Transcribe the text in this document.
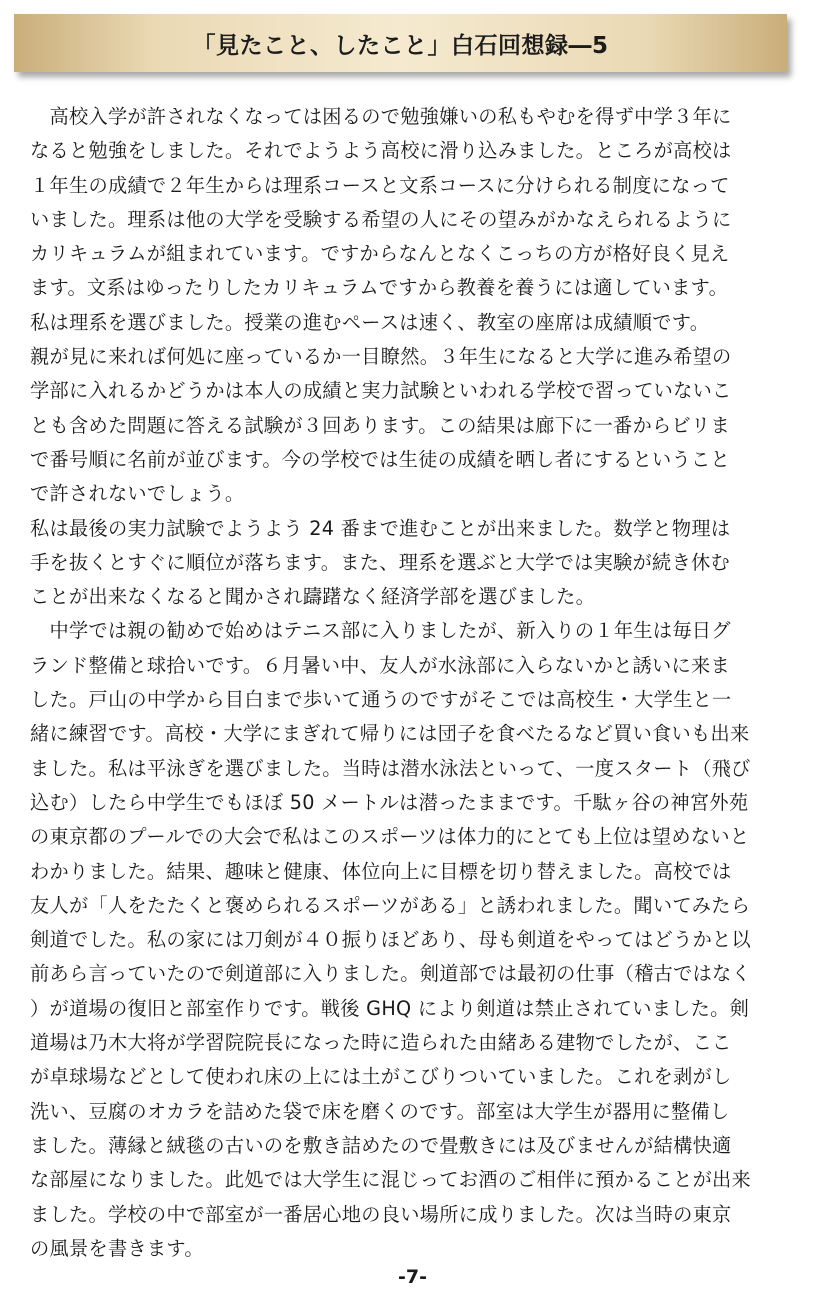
「見たこと、したこと」白石回想録―5
　高校入学が許されなくなっては困るので勉強嫌いの私もやむを得ず中学３年に
なると勉強をしました。それでようよう高校に滑り込みました。ところが高校は
１年生の成績で２年生からは理系コースと文系コースに分けられる制度になって
いました。理系は他の大学を受験する希望の人にその望みがかなえられるように
カリキュラムが組まれています。ですからなんとなくこっちの方が格好良く見え
ます。文系はゆったりしたカリキュラムですから教養を養うには適しています。
私は理系を選びました。授業の進むペースは速く、教室の座席は成績順です。
親が見に来れば何処に座っているか一目瞭然。３年生になると大学に進み希望の
学部に入れるかどうかは本人の成績と実力試験といわれる学校で習っていないこ
とも含めた問題に答える試験が３回あります。この結果は廊下に一番からビリま
で番号順に名前が並びます。今の学校では生徒の成績を晒し者にするということ
で許されないでしょう。
私は最後の実力試験でようよう 24 番まで進むことが出来ました。数学と物理は
手を抜くとすぐに順位が落ちます。また、理系を選ぶと大学では実験が続き休む
ことが出来なくなると聞かされ躊躇なく経済学部を選びました。
　中学では親の勧めで始めはテニス部に入りましたが、新入りの１年生は毎日グ
ランド整備と球拾いです。６月暑い中、友人が水泳部に入らないかと誘いに来ま
した。戸山の中学から目白まで歩いて通うのですがそこでは高校生・大学生と一
緒に練習です。高校・大学にまぎれて帰りには団子を食べたるなど買い食いも出来
ました。私は平泳ぎを選びました。当時は潜水泳法といって、一度スタート（飛び
込む）したら中学生でもほぼ 50 メートルは潜ったままです。千駄ヶ谷の神宮外苑
の東京都のプールでの大会で私はこのスポーツは体力的にとても上位は望めないと
わかりました。結果、趣味と健康、体位向上に目標を切り替えました。高校では
友人が「人をたたくと褒められるスポーツがある」と誘われました。聞いてみたら
剣道でした。私の家には刀剣が４０振りほどあり、母も剣道をやってはどうかと以
前あら言っていたので剣道部に入りました。剣道部では最初の仕事（稽古ではなく
）が道場の復旧と部室作りです。戦後 GHQ により剣道は禁止されていました。剣
道場は乃木大将が学習院院長になった時に造られた由緒ある建物でしたが、ここ
が卓球場などとして使われ床の上には土がこびりついていました。これを剥がし
洗い、豆腐のオカラを詰めた袋で床を磨くのです。部室は大学生が器用に整備し
ました。薄縁と絨毯の古いのを敷き詰めたので畳敷きには及びませんが結構快適
な部屋になりました。此処では大学生に混じってお酒のご相伴に預かることが出来
ました。学校の中で部室が一番居心地の良い場所に成りました。次は当時の東京
の風景を書きます。
-7-
